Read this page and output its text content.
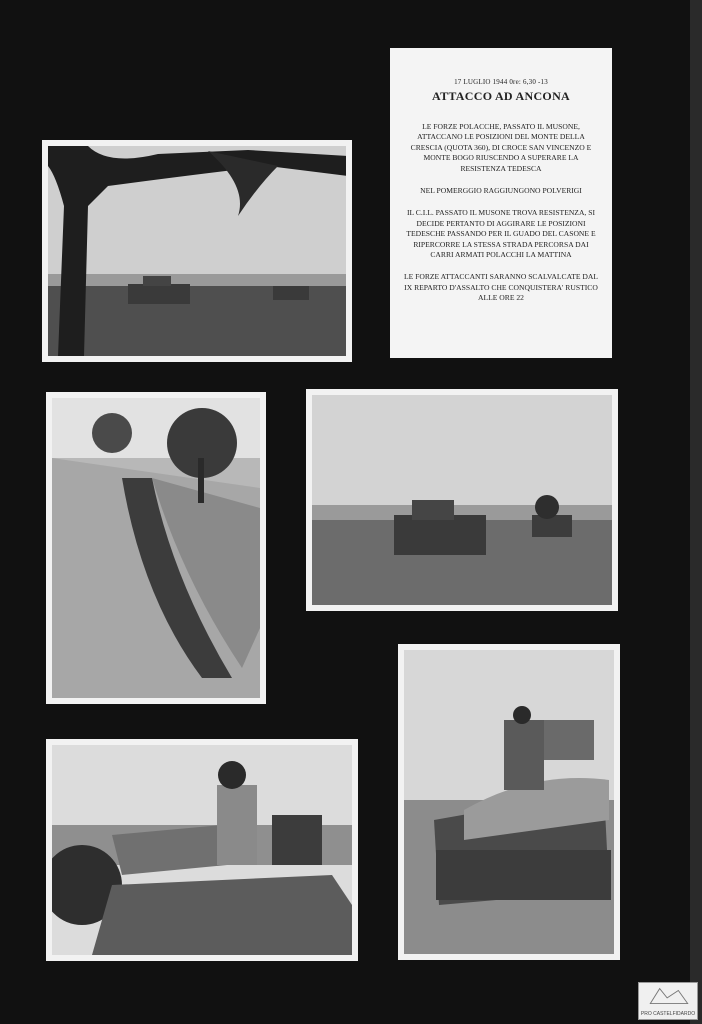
17 LUGLIO 1944 0re: 6,30 -13

ATTACCO AD ANCONA

LE FORZE POLACCHE, PASSATO IL MUSONE, ATTACCANO LE POSIZIONI DEL MONTE DELLA CRESCIA (QUOTA 360), DI CROCE SAN VINCENZO E MONTE BOGO RIUSCENDO A SUPERARE LA RESISTENZA TEDESCA

NEL POMERGGIO RAGGIUNGONO POLVERIGI

IL C.I.L. PASSATO IL MUSONE TROVA RESISTENZA, SI DECIDE PERTANTO DI AGGIRARE LE POSIZIONI TEDESCHE PASSANDO PER IL GUADO DEL CASONE E RIPERCORRE LA STESSA STRADA PERCORSA DAI CARRI ARMATI POLACCHI LA MATTINA

LE FORZE ATTACCANTI SARANNO SCALVALCATE DAL IX REPARTO D'ASSALTO CHE CONQUISTERA' RUSTICO ALLE ORE 22

PRO CASTELFIDARDO
